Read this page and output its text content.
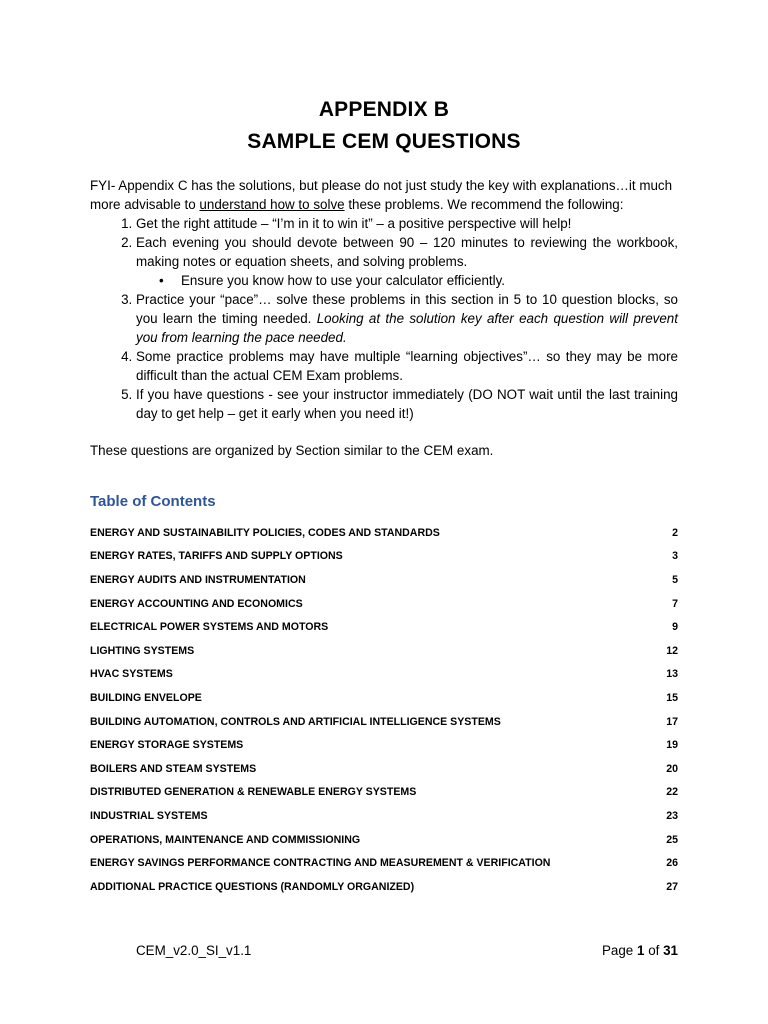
APPENDIX B
SAMPLE CEM QUESTIONS

FYI- Appendix C has the solutions, but please do not just study the key with explanations…it much more advisable to understand how to solve these problems. We recommend the following:

1. Get the right attitude – “I’m in it to win it” – a positive perspective will help!
2. Each evening you should devote between 90 – 120 minutes to reviewing the workbook, making notes or equation sheets, and solving problems.
• Ensure you know how to use your calculator efficiently.
3. Practice your “pace”… solve these problems in this section in 5 to 10 question blocks, so you learn the timing needed. Looking at the solution key after each question will prevent you from learning the pace needed.
4. Some practice problems may have multiple “learning objectives”… so they may be more difficult than the actual CEM Exam problems.
5. If you have questions - see your instructor immediately (DO NOT wait until the last training day to get help – get it early when you need it!)
These questions are organized by Section similar to the CEM exam.
Table of Contents
ENERGY AND SUSTAINABILITY POLICIES, CODES AND STANDARDS	2
ENERGY RATES, TARIFFS AND SUPPLY OPTIONS	3
ENERGY AUDITS AND INSTRUMENTATION	5
ENERGY ACCOUNTING AND ECONOMICS	7
ELECTRICAL POWER SYSTEMS AND MOTORS	9
LIGHTING SYSTEMS	12
HVAC SYSTEMS	13
BUILDING ENVELOPE	15
BUILDING AUTOMATION, CONTROLS AND ARTIFICIAL INTELLIGENCE SYSTEMS	17
ENERGY STORAGE SYSTEMS	19
BOILERS AND STEAM SYSTEMS	20
DISTRIBUTED GENERATION & RENEWABLE ENERGY SYSTEMS	22
INDUSTRIAL SYSTEMS	23
OPERATIONS, MAINTENANCE AND COMMISSIONING	25
ENERGY SAVINGS PERFORMANCE CONTRACTING AND MEASUREMENT & VERIFICATION	26
ADDITIONAL PRACTICE QUESTIONS (RANDOMLY ORGANIZED)	27
CEM_v2.0_SI_v1.1	Page 1 of 31
